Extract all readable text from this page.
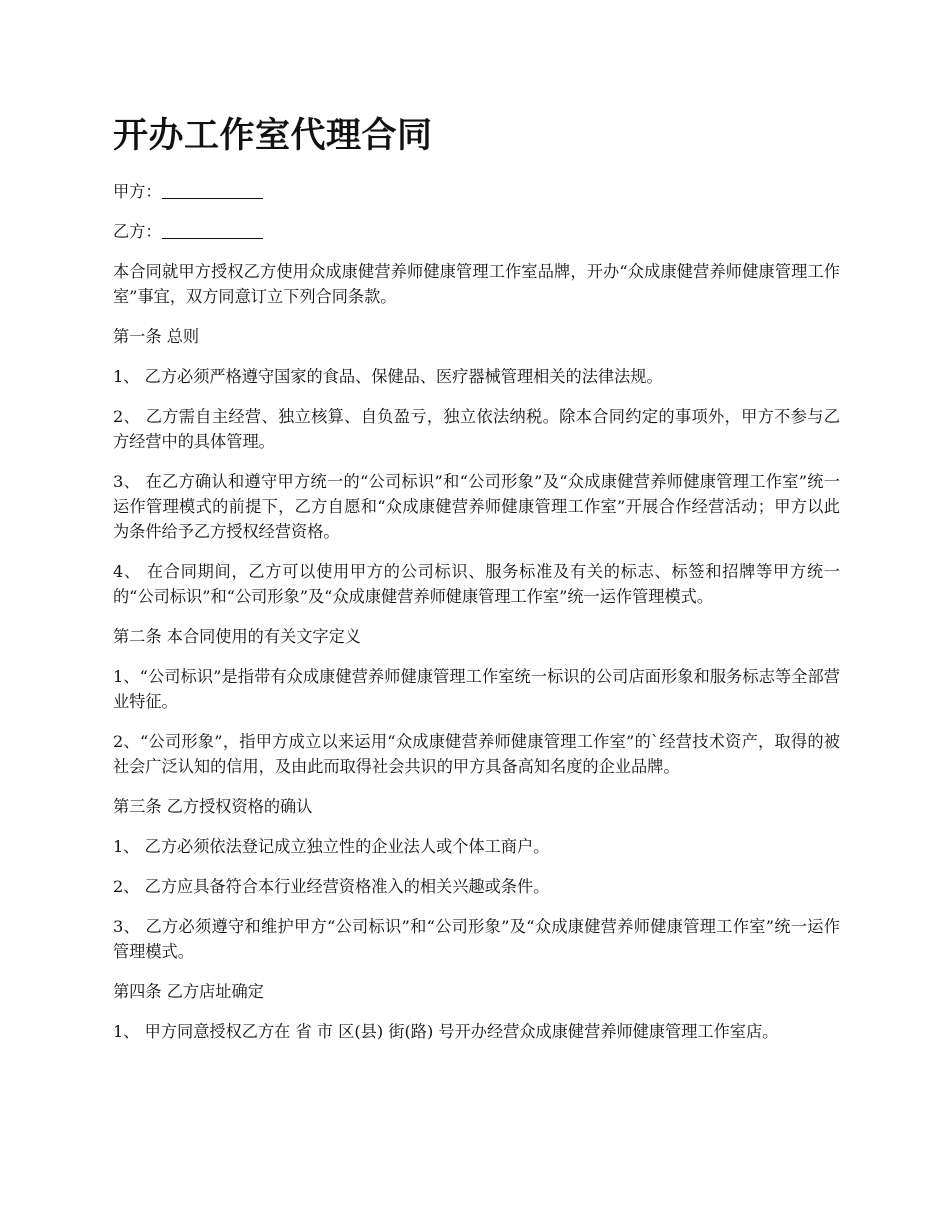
开办工作室代理合同

甲方：

乙方：

本合同就甲方授权乙方使用众成康健营养师健康管理工作室品牌，开办“众成康健营养师健康管理工作室”事宜，双方同意订立下列合同条款。

第一条 总则

1、 乙方必须严格遵守国家的食品、保健品、医疗器械管理相关的法律法规。

2、 乙方需自主经营、独立核算、自负盈亏，独立依法纳税。除本合同约定的事项外，甲方不参与乙方经营中的具体管理。

3、 在乙方确认和遵守甲方统一的“公司标识”和“公司形象”及“众成康健营养师健康管理工作室”统一运作管理模式的前提下，乙方自愿和“众成康健营养师健康管理工作室”开展合作经营活动；甲方以此为条件给予乙方授权经营资格。

4、 在合同期间，乙方可以使用甲方的公司标识、服务标准及有关的标志、标签和招牌等甲方统一的“公司标识”和“公司形象”及“众成康健营养师健康管理工作室”统一运作管理模式。

第二条 本合同使用的有关文字定义

1、“公司标识”是指带有众成康健营养师健康管理工作室统一标识的公司店面形象和服务标志等全部营业特征。

2、“公司形象”，指甲方成立以来运用“众成康健营养师健康管理工作室”的`经营技术资产，取得的被社会广泛认知的信用，及由此而取得社会共识的甲方具备高知名度的企业品牌。

第三条 乙方授权资格的确认

1、 乙方必须依法登记成立独立性的企业法人或个体工商户。

2、 乙方应具备符合本行业经营资格准入的相关兴趣或条件。

3、 乙方必须遵守和维护甲方“公司标识”和“公司形象”及“众成康健营养师健康管理工作室”统一运作管理模式。

第四条 乙方店址确定

1、 甲方同意授权乙方在 省 市 区(县) 街(路) 号开办经营众成康健营养师健康管理工作室店。
